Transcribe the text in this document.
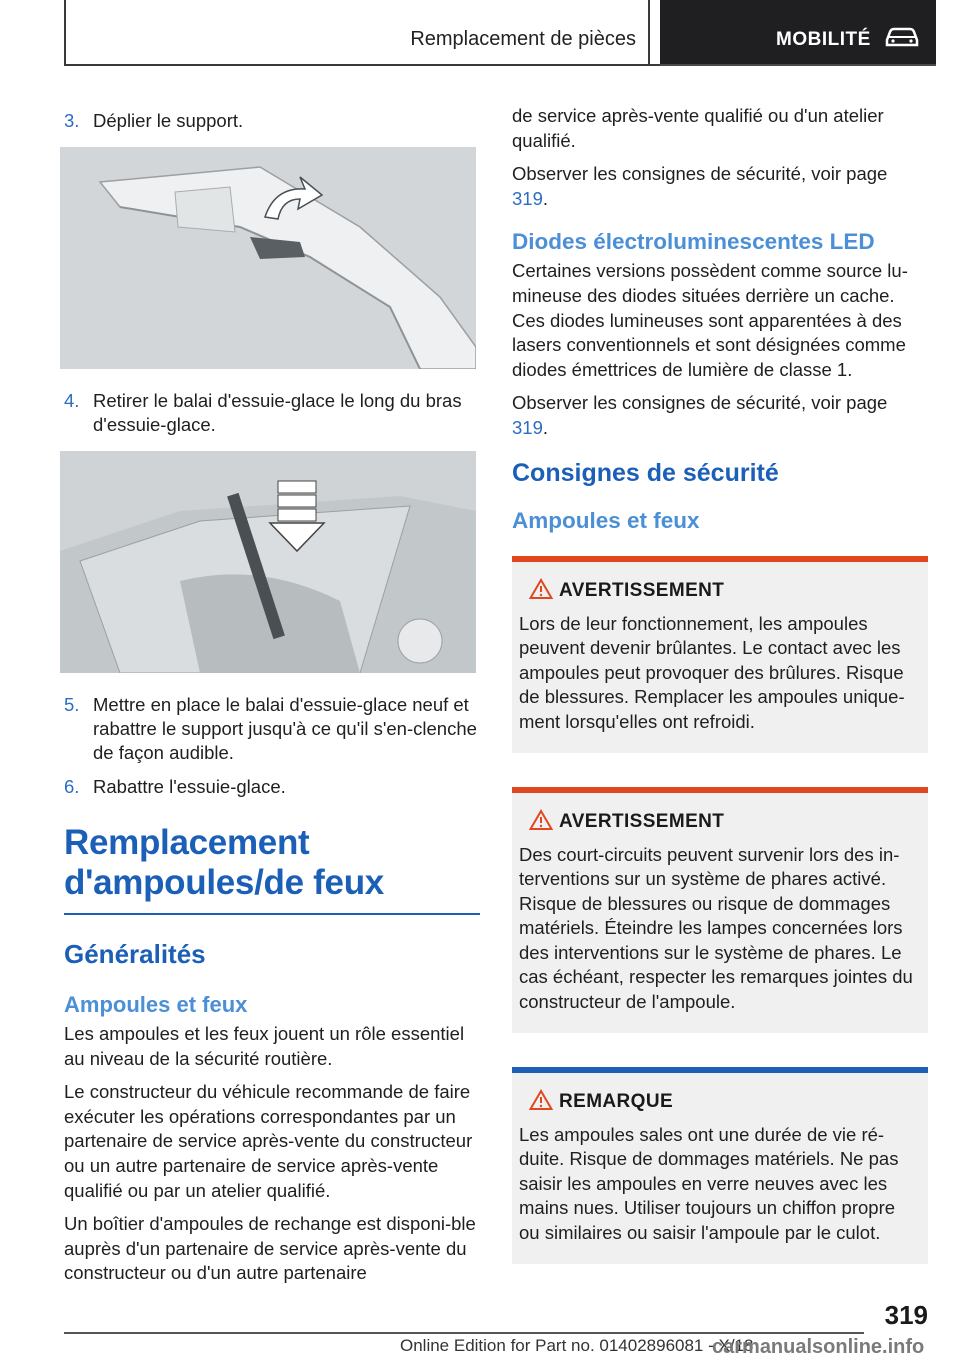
Remplacement de pièces	MOBILITÉ
3. Déplier le support.
4. Retirer le balai d'essuie-glace le long du bras d'essuie-glace.
5. Mettre en place le balai d'essuie-glace neuf et rabattre le support jusqu'à ce qu'il s'en-clenche de façon audible.
6. Rabattre l'essuie-glace.
Remplacement
d'ampoules/de feux
Généralités
Ampoules et feux
Les ampoules et les feux jouent un rôle essentiel au niveau de la sécurité routière.
Le constructeur du véhicule recommande de faire exécuter les opérations correspondantes par un partenaire de service après-vente du constructeur ou un autre partenaire de service après-vente qualifié ou par un atelier qualifié.
Un boîtier d'ampoules de rechange est disponi-ble auprès d'un partenaire de service après-vente du constructeur ou d'un autre partenaire
de service après-vente qualifié ou d'un atelier qualifié.
Observer les consignes de sécurité, voir page 319.
Diodes électroluminescentes LED
Certaines versions possèdent comme source lu-mineuse des diodes situées derrière un cache. Ces diodes lumineuses sont apparentées à des lasers conventionnels et sont désignées comme diodes émettrices de lumière de classe 1.
Observer les consignes de sécurité, voir page 319.
Consignes de sécurité
Ampoules et feux
AVERTISSEMENT
Lors de leur fonctionnement, les ampoules peuvent devenir brûlantes. Le contact avec les ampoules peut provoquer des brûlures. Risque de blessures. Remplacer les ampoules unique-ment lorsqu'elles ont refroidi.
AVERTISSEMENT
Des court-circuits peuvent survenir lors des in-terventions sur un système de phares activé. Risque de blessures ou risque de dommages matériels. Éteindre les lampes concernées lors des interventions sur le système de phares. Le cas échéant, respecter les remarques jointes du constructeur de l'ampoule.
REMARQUE
Les ampoules sales ont une durée de vie ré-duite. Risque de dommages matériels. Ne pas saisir les ampoules en verre neuves avec les mains nues. Utiliser toujours un chiffon propre ou similaires ou saisir l'ampoule par le culot.
319
Online Edition for Part no. 01402896081 - X/18
carmanualsonline.info
